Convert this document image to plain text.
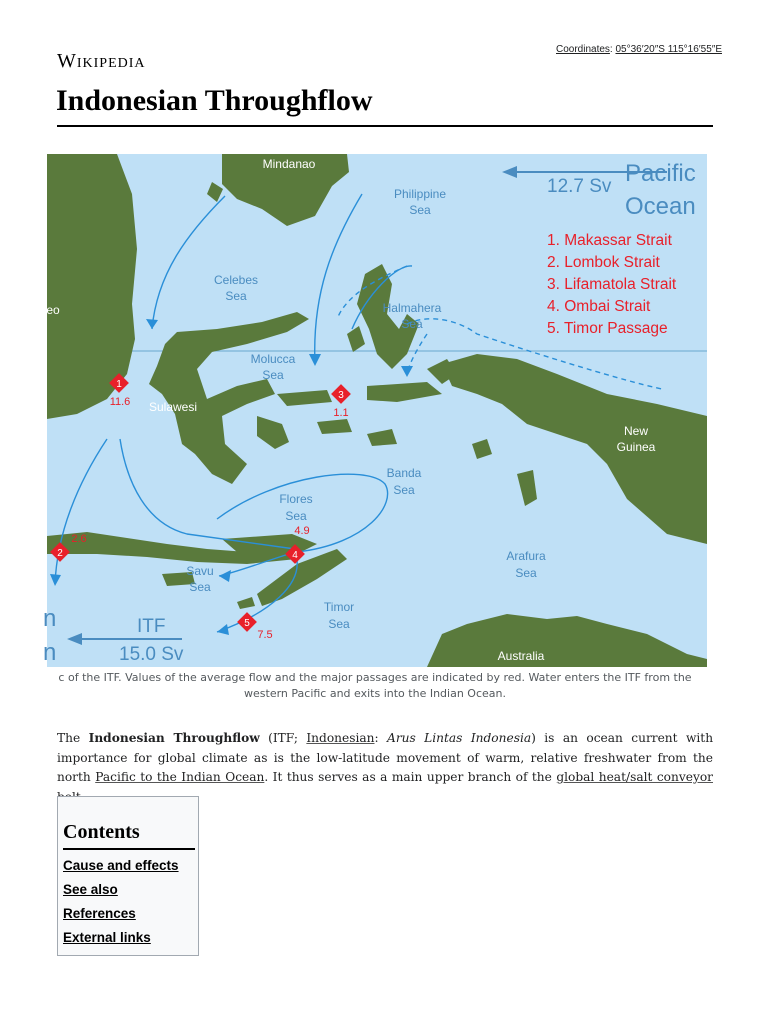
Coordinates: 05°36′20″S 115°16′55″E
Wikipedia
Indonesian Throughflow
Mindanao
Philippine
Sea
Celebes
Sea
Halmahera
Sea
Molucca
Sea
eo
Sulawesi
New
Guinea
Banda
Sea
Flores
Sea
Savu
Sea
Arafura
Sea
Timor
Sea
Australia
12.7 Sv Pacific
Ocean
ITF
15.0 Sv
n
n
1. Makassar Strait
2. Lombok Strait
3. Lifamatola Strait
4. Ombai Strait
5. Timor Passage
1
11.6
2
2.6
3
1.1
4
4.9
5
7.5
c of the ITF. Values of the average flow and the major passages are indicated by red. Water enters the ITF from the
western Pacific and exits into the Indian Ocean.
The Indonesian Throughflow (ITF; Indonesian: Arus Lintas Indonesia) is an ocean current with importance for global climate as is the low-latitude movement of warm, relative freshwater from the north Pacific to the Indian Ocean. It thus serves as a main upper branch of the global heat/salt conveyor
Contents
Cause and effects
See also
References
External links
